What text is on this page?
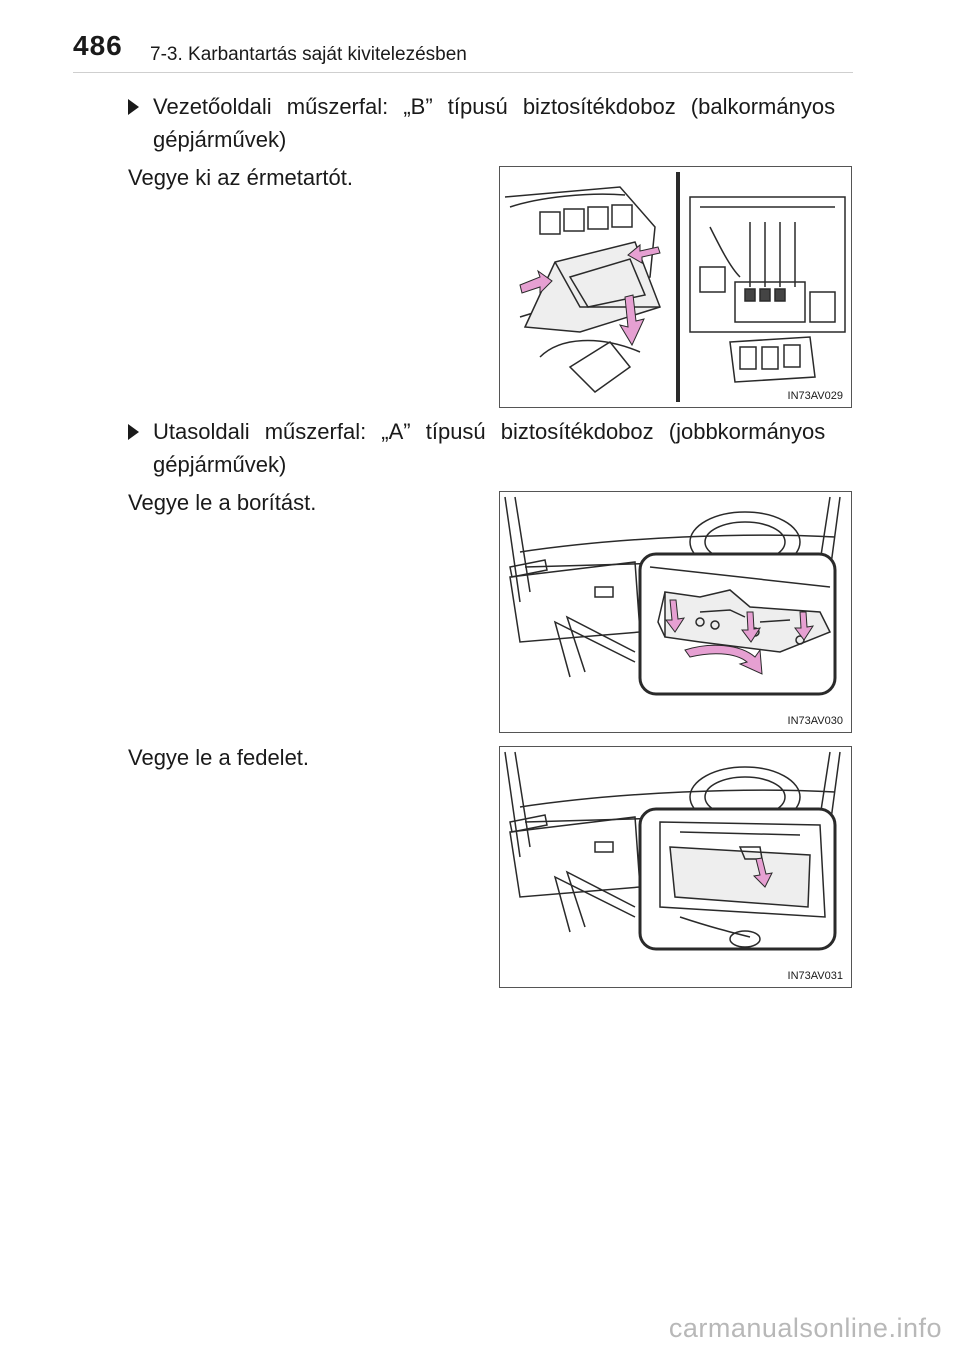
486 7-3. Karbantartás saját kivitelezésben
Vezetőoldali műszerfal: „B” típusú biztosítékdoboz (balkormányos
gépjárművek)
Vegye ki az érmetartót.
IN73AV029
Utasoldali műszerfal: „A” típusú biztosítékdoboz (jobbkormányos
gépjárművek)
Vegye le a borítást.
IN73AV030
Vegye le a fedelet.
IN73AV031
carmanualsonline.info
